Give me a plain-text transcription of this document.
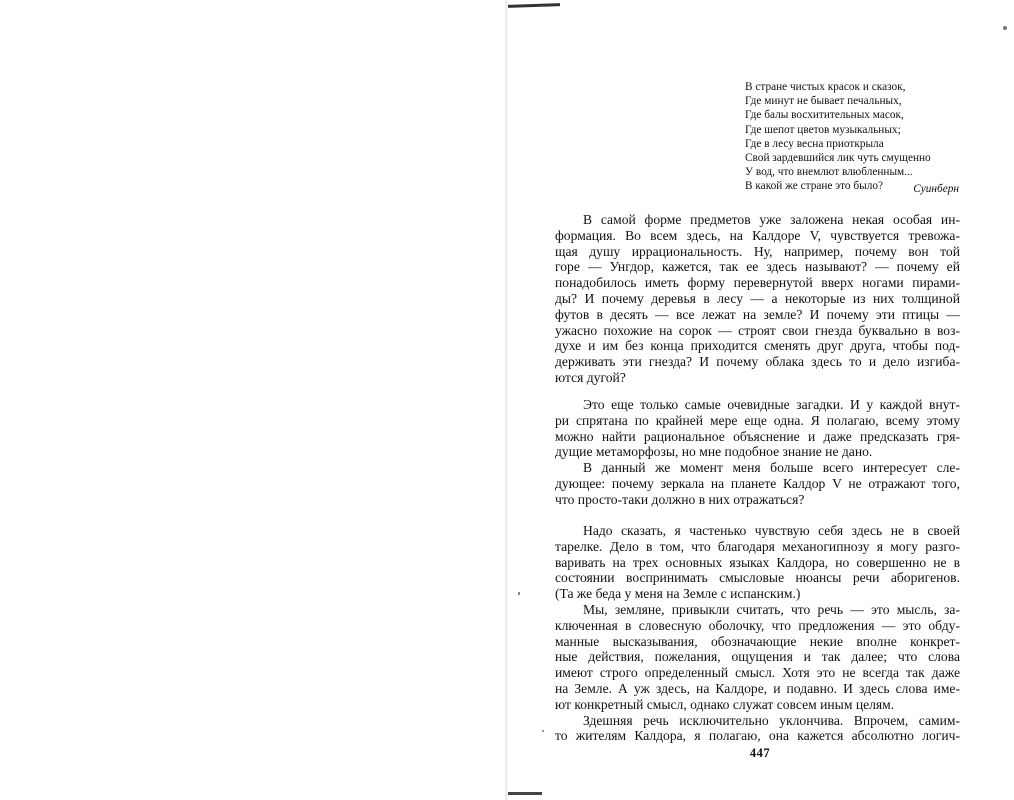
В стране чистых красок и сказок,
Где минут не бывает печальных,
Где балы восхитительных масок,
Где шепот цветов музыкальных;
Где в лесу весна приоткрыла
Свой зардевшийся лик чуть смущенно
У вод, что внемлют влюбленным...
В какой же стране это было?	Суинберн
В самой форме предметов уже заложена некая особая ин-
формация. Во всем здесь, на Калдоре V, чувствуется тревожа-
щая душу иррациональность. Ну, например, почему вон той
горе — Унгдор, кажется, так ее здесь называют? — почему ей
понадобилось иметь форму перевернутой вверх ногами пирами-
ды? И почему деревья в лесу — а некоторые из них толщиной
футов в десять — все лежат на земле? И почему эти птицы —
ужасно похожие на сорок — строят свои гнезда буквально в воз-
духе и им без конца приходится сменять друг друга, чтобы под-
держивать эти гнезда? И почему облака здесь то и дело изгиба-
ются дугой?
Это еще только самые очевидные загадки. И у каждой внут-
ри спрятана по крайней мере еще одна. Я полагаю, всему этому
можно найти рациональное объяснение и даже предсказать гря-
дущие метаморфозы, но мне подобное знание не дано.
В данный же момент меня больше всего интересует сле-
дующее: почему зеркала на планете Калдор V не отражают того,
что просто-таки должно в них отражаться?
Надо сказать, я частенько чувствую себя здесь не в своей
тарелке. Дело в том, что благодаря механогипнозу я могу разго-
варивать на трех основных языках Калдора, но совершенно не в
состоянии воспринимать смысловые нюансы речи аборигенов.
(Та же беда у меня на Земле с испанским.)
Мы, земляне, привыкли считать, что речь — это мысль, за-
ключенная в словесную оболочку, что предложения — это обду-
манные высказывания, обозначающие некие вполне конкрет-
ные действия, пожелания, ощущения и так далее; что слова
имеют строго определенный смысл. Хотя это не всегда так даже
на Земле. А уж здесь, на Калдоре, и подавно. И здесь слова име-
ют конкретный смысл, однако служат совсем иным целям.
Здешняя речь исключительно уклончива. Впрочем, самим-
то жителям Калдора, я полагаю, она кажется абсолютно логич-
447
